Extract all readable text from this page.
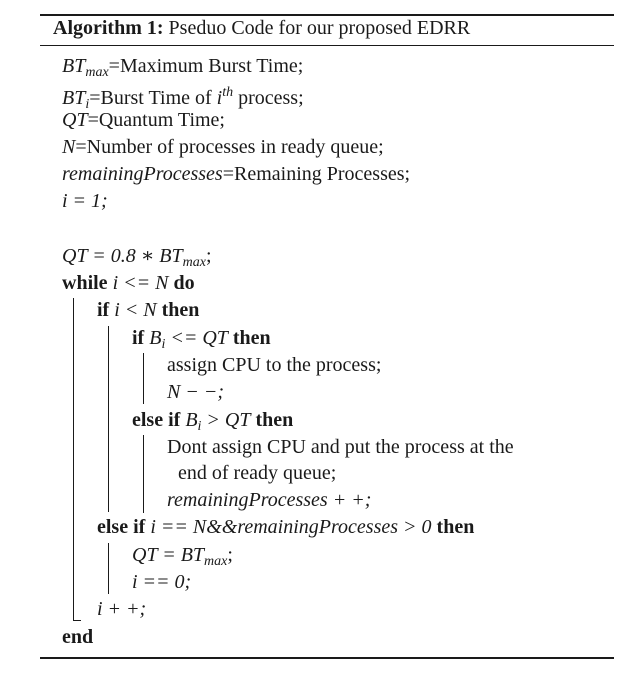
Algorithm 1: Pseduo Code for our proposed EDRR
$BT_{max}=Maximum$ Burst Time;
$BT_i=Burst$ Time of $i^{th}$ process;
QT=Quantum Time;
N=Number of processes in ready queue;
remainingProcesses=Remaining Processes;
i = 1;
QT = 0.8 ∗ $BT_{max}$;
while i <= N do
if i < N then
if $B_i$ <= QT then
assign CPU to the process;
N − −;
else if $B_i$ > QT then
Dont assign CPU and put the process at the
end of ready queue;
remainingProcesses + +;
else if i == N&&remainingProcesses > 0 then
QT = $BT_{max}$;
i == 0;
i + +;
end
